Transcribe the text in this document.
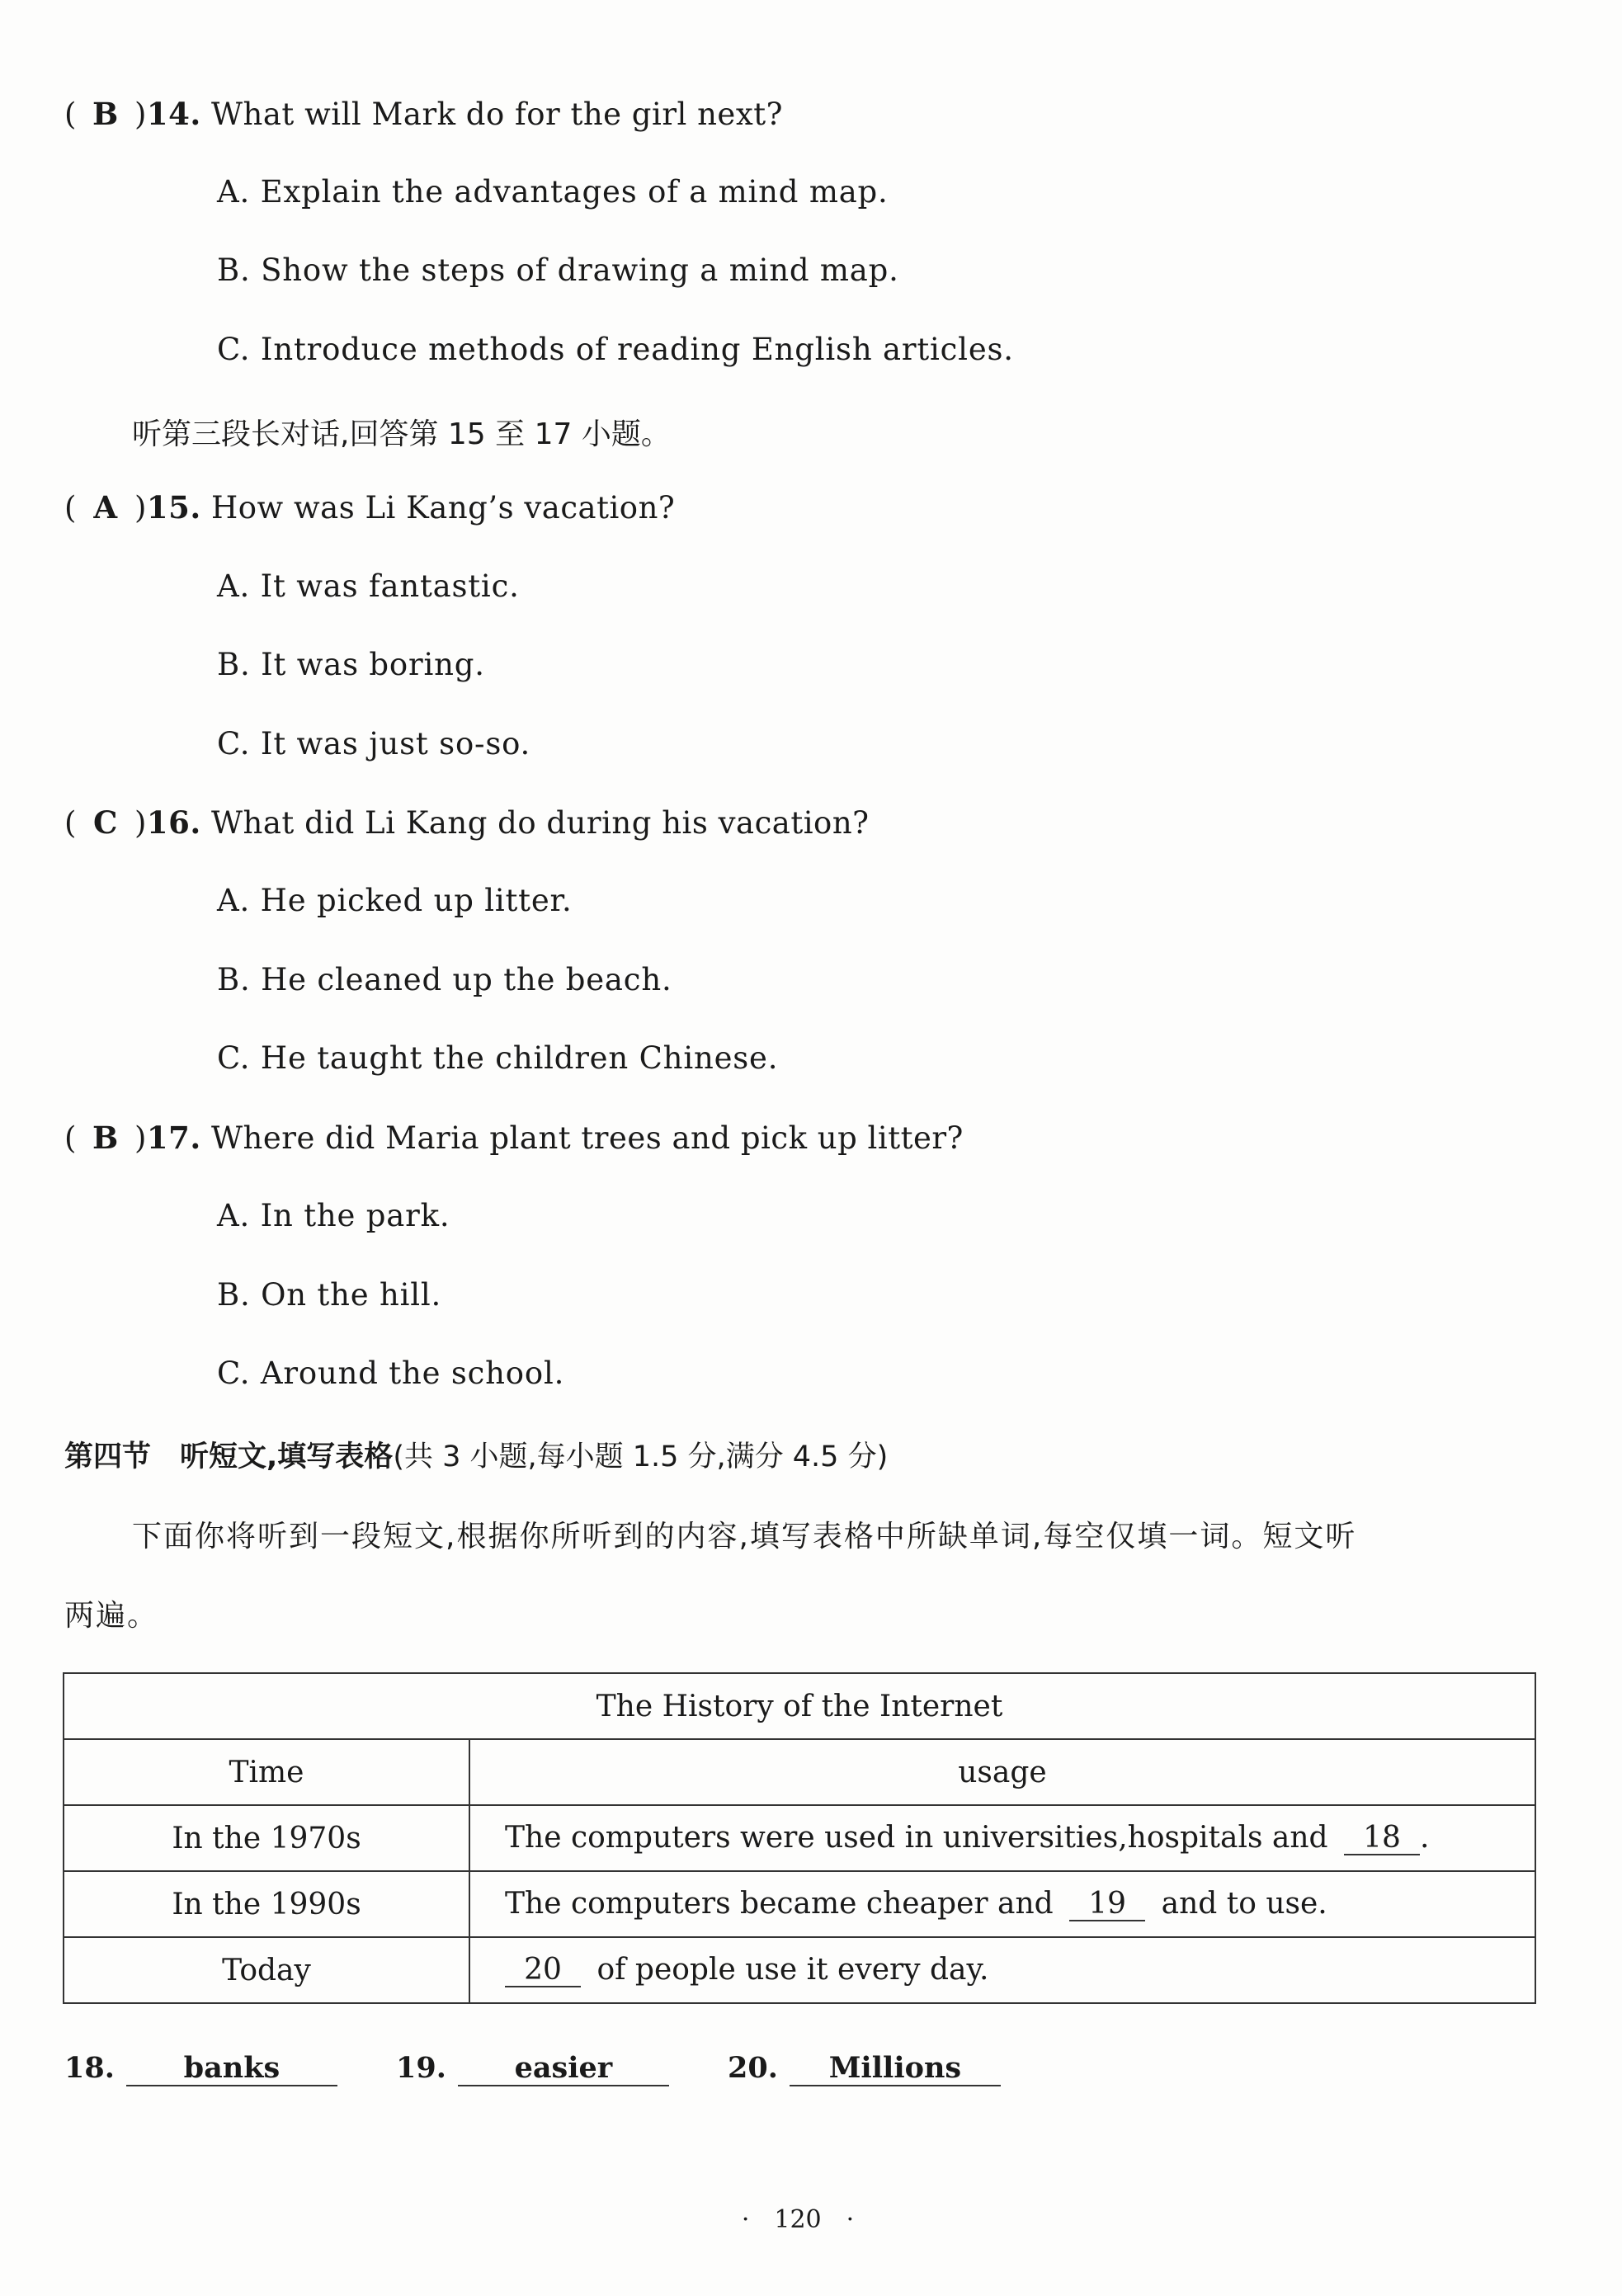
( B )14. What will Mark do for the girl next?
A. Explain the advantages of a mind map.
B. Show the steps of drawing a mind map.
C. Introduce methods of reading English articles.
听第三段长对话,回答第 15 至 17 小题。
( A )15. How was Li Kang’s vacation?
A. It was fantastic.
B. It was boring.
C. It was just so-so.
( C )16. What did Li Kang do during his vacation?
A. He picked up litter.
B. He cleaned up the beach.
C. He taught the children Chinese.
( B )17. Where did Maria plant trees and pick up litter?
A. In the park.
B. On the hill.
C. Around the school.
第四节　听短文,填写表格(共 3 小题,每小题 1.5 分,满分 4.5 分)
下面你将听到一段短文,根据你所听到的内容,填写表格中所缺单词,每空仅填一词。短文听
两遍。
The History of the Internet	
Time	usage
In the 1970s	The computers were used in universities,hospitals and 18 .
In the 1990s	The computers became cheaper and 19 and to use.
Today	20 of people use it every day.
18. banks	19. easier	20. Millions
·　120　·
